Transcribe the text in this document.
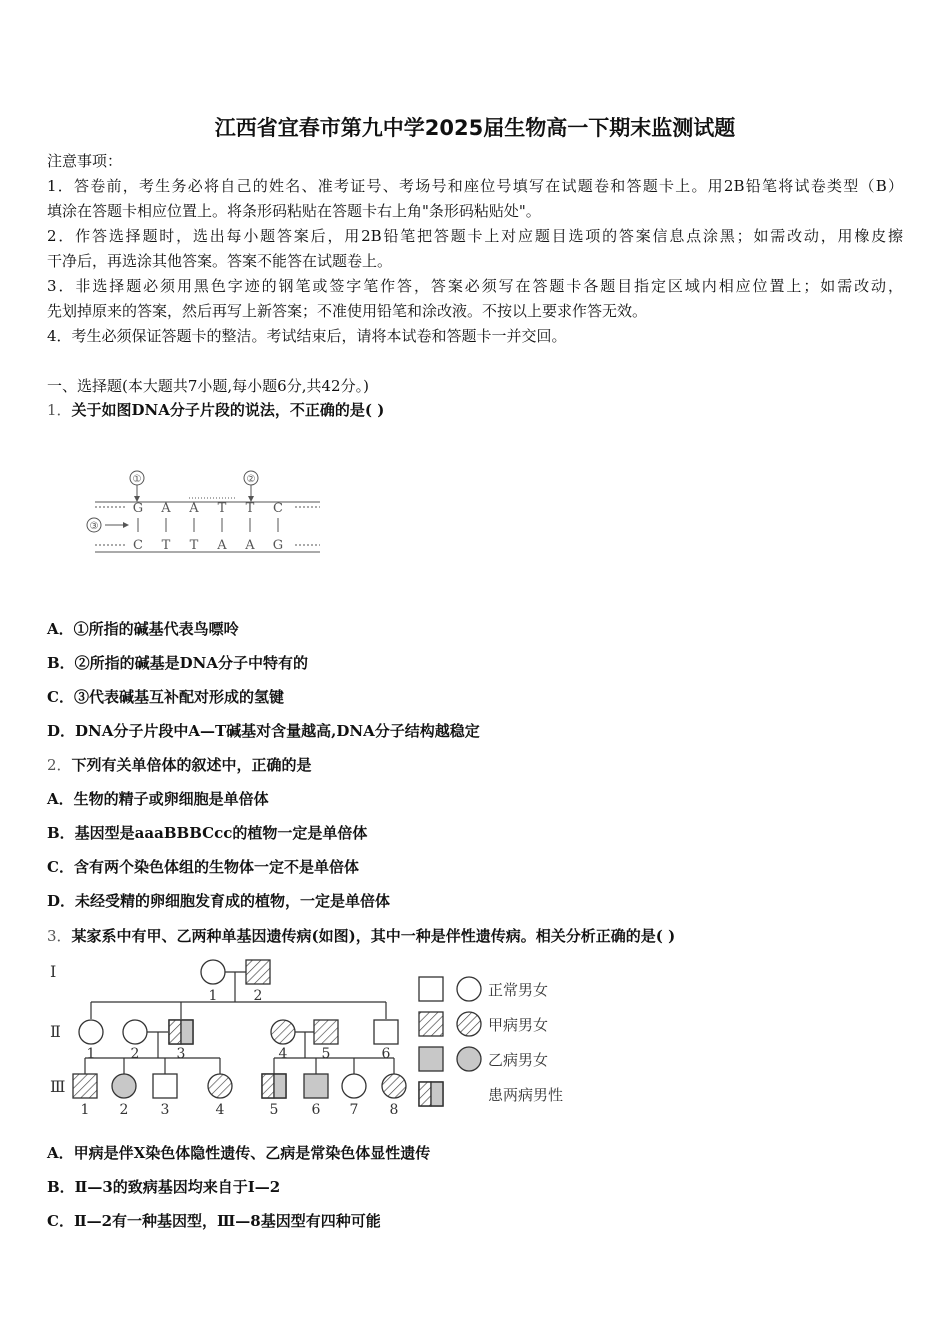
江西省宜春市第九中学2025届生物高一下期末监测试题
注意事项：
1．答卷前，考生务必将自己的姓名、准考证号、考场号和座位号填写在试题卷和答题卡上。用2B铅笔将试卷类型（B）
填涂在答题卡相应位置上。将条形码粘贴在答题卡右上角"条形码粘贴处"。
2．作答选择题时，选出每小题答案后，用2B铅笔把答题卡上对应题目选项的答案信息点涂黑；如需改动，用橡皮擦
干净后，再选涂其他答案。答案不能答在试题卷上。
3．非选择题必须用黑色字迹的钢笔或签字笔作答，答案必须写在答题卡各题目指定区域内相应位置上；如需改动，
先划掉原来的答案，然后再写上新答案；不准使用铅笔和涂改液。不按以上要求作答无效。
4．考生必须保证答题卡的整洁。考试结束后，请将本试卷和答题卡一并交回。
一、选择题(本大题共7小题,每小题6分,共42分。)
1．关于如图DNA分子片段的说法，不正确的是( )
①	②
③
G A A T T C
C T T A A G
A．①所指的碱基代表鸟嘌呤
B．②所指的碱基是DNA分子中特有的
C．③代表碱基互补配对形成的氢键
D．DNA分子片段中A—T碱基对含量越高,DNA分子结构越稳定
2．下列有关单倍体的叙述中，正确的是
A．生物的精子或卵细胞是单倍体
B．基因型是aaaBBBCcc的植物一定是单倍体
C．含有两个染色体组的生物体一定不是单倍体
D．未经受精的卵细胞发育成的植物，一定是单倍体
3．某家系中有甲、乙两种单基因遗传病(如图)，其中一种是伴性遗传病。相关分析正确的是( )
Ⅰ
Ⅱ
Ⅲ
1	2
1	2	3	4 5	6
1 2 3	4	5 6 7 8
正常男女
甲病男女
乙病男女
患两病男性
A．甲病是伴X染色体隐性遗传、乙病是常染色体显性遗传
B．Ⅱ—3的致病基因均来自于Ⅰ—2
C．Ⅱ—2有一种基因型，Ⅲ—8基因型有四种可能
